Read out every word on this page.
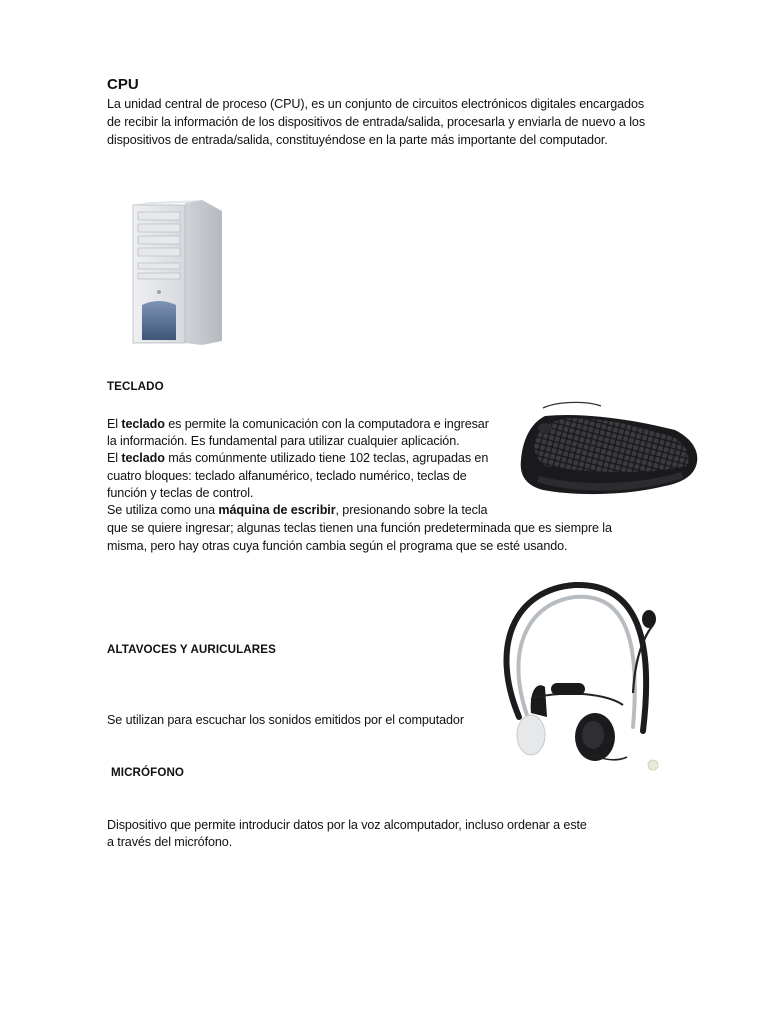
CPU
La unidad central de proceso (CPU), es un conjunto de circuitos electrónicos digitales encargados
de recibir la información de los dispositivos de entrada/salida, procesarla y enviarla de nuevo a los
dispositivos de entrada/salida, constituyéndose en la parte más importante del computador.
TECLADO
El teclado es permite la comunicación con la computadora e ingresar
la información. Es fundamental para utilizar cualquier aplicación.
El teclado más comúnmente utilizado tiene 102 teclas, agrupadas en
cuatro bloques: teclado alfanumérico, teclado numérico, teclas de
función y teclas de control.
Se utiliza como una máquina de escribir, presionando sobre la tecla
que se quiere ingresar; algunas teclas tienen una función predeterminada que es siempre la
misma, pero hay otras cuya función cambia según el programa que se esté usando.
ALTAVOCES Y AURICULARES
Se utilizan para escuchar los sonidos emitidos por el computador
MICRÓFONO
Dispositivo que permite introducir datos por la voz alcomputador, incluso ordenar a este
a través del micrófono.
